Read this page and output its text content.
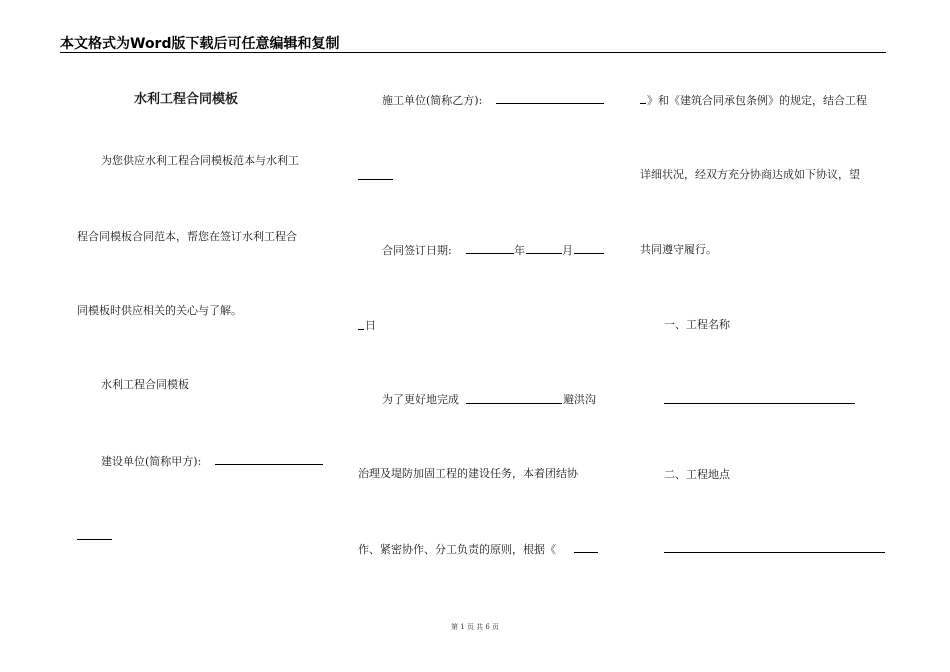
本文格式为Word版下载后可任意编辑和复制
水利工程合同模板
为您供应水利工程合同模板范本与水利工
程合同模板合同范本，帮您在签订水利工程合
同模板时供应相关的关心与了解。
水利工程合同模板
建设单位(简称甲方):
施工单位(简称乙方):
合同签订日期:	年	月
日
为了更好地完成	避洪沟
治理及堤防加固工程的建设任务，本着团结协
作、紧密协作、分工负责的原则，根据《
》和《建筑合同承包条例》的规定，结合工程
详细状况，经双方充分协商达成如下协议，望
共同遵守履行。
一、工程名称
二、工程地点
第 1 页 共 6 页
